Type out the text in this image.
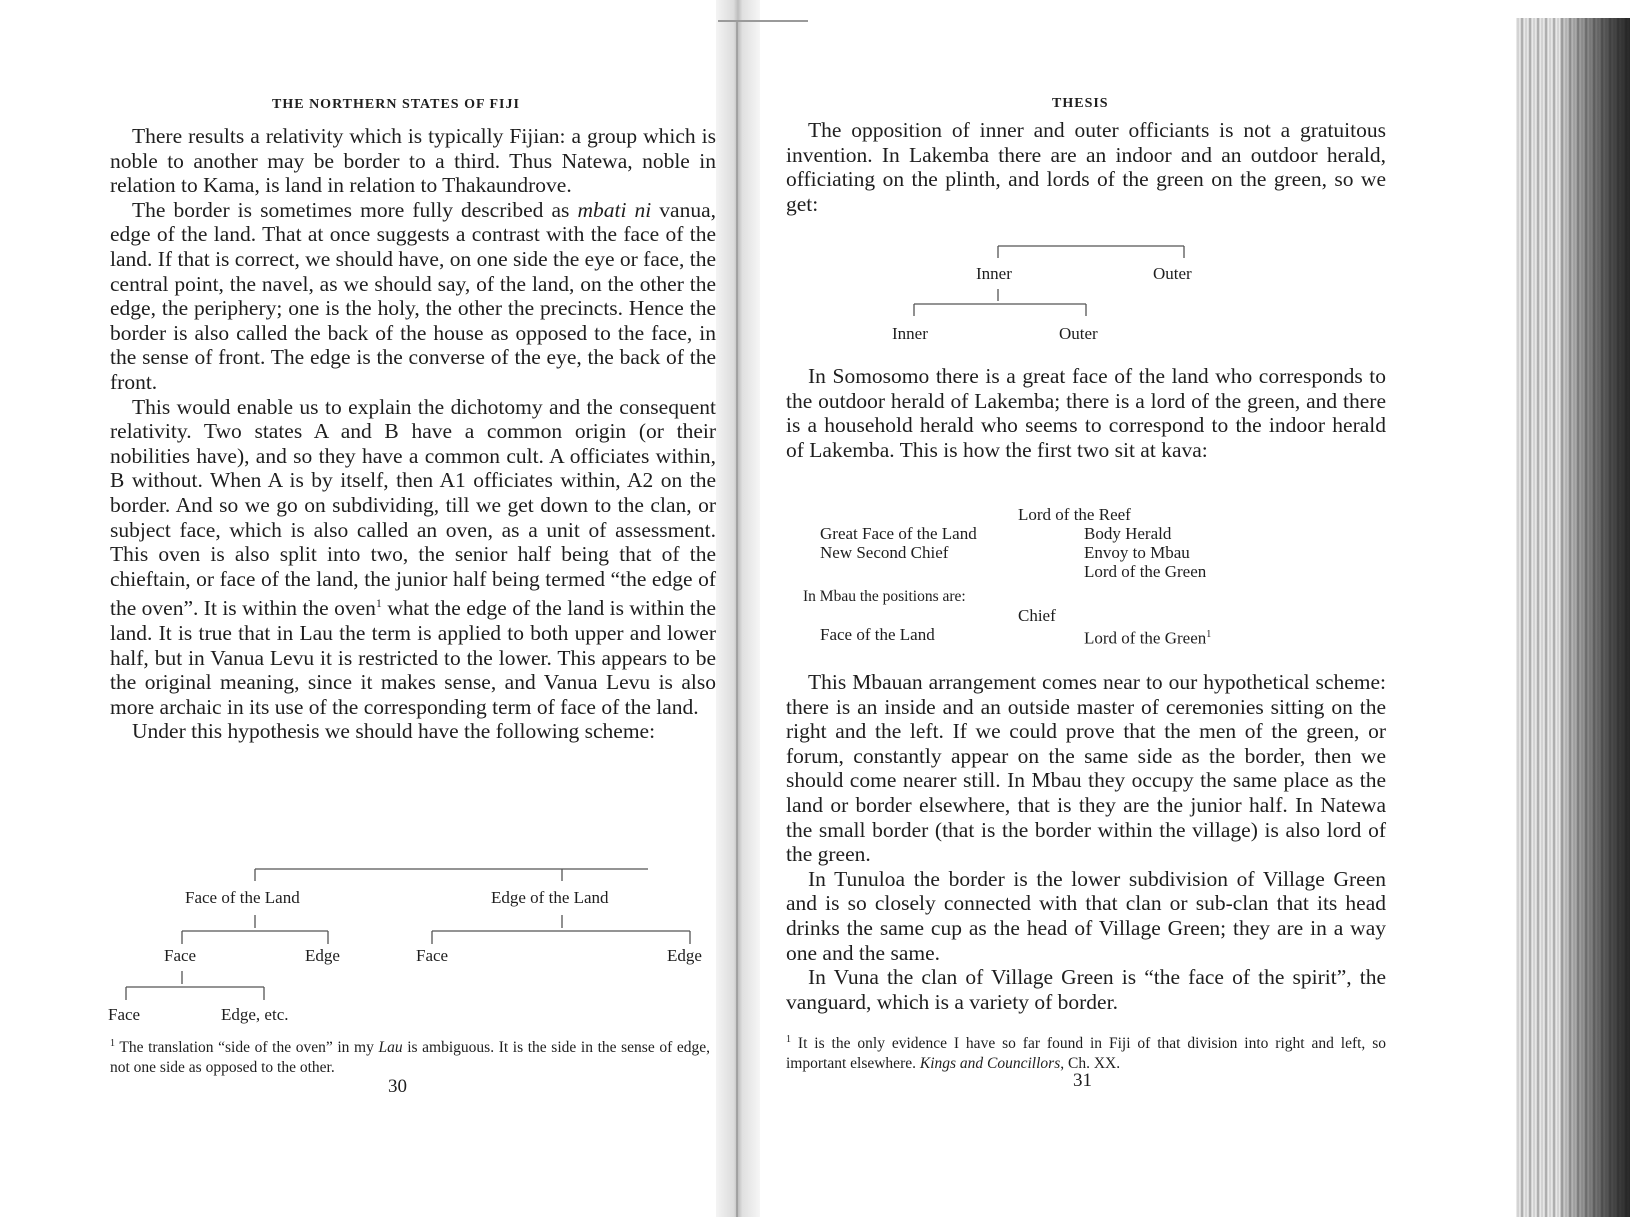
THE NORTHERN STATES OF FIJI

There results a relativity which is typically Fijian: a group which is noble to another may be border to a third. Thus Natewa, noble in relation to Kama, is land in relation to Thakaundrove.

The border is sometimes more fully described as mbati ni vanua, edge of the land. That at once suggests a contrast with the face of the land. If that is correct, we should have, on one side the eye or face, the central point, the navel, as we should say, of the land, on the other the edge, the periphery; one is the holy, the other the precincts. Hence the border is also called the back of the house as opposed to the face, in the sense of front. The edge is the converse of the eye, the back of the front.

This would enable us to explain the dichotomy and the consequent relativity. Two states A and B have a common origin (or their nobilities have), and so they have a common cult. A officiates within, B without. When A is by itself, then A1 officiates within, A2 on the border. And so we go on subdividing, till we get down to the clan, or subject face, which is also called an oven, as a unit of assessment. This oven is also split into two, the senior half being that of the chieftain, or face of the land, the junior half being termed “the edge of the oven”. It is within the oven$^1$ what the edge of the land is within the land. It is true that in Lau the term is applied to both upper and lower half, but in Vanua Levu it is restricted to the lower. This appears to be the original meaning, since it makes sense, and Vanua Levu is also more archaic in its use of the corresponding term of face of the land.

Under this hypothesis we should have the following scheme:

Face of the Land	Edge of the Land
Face	Edge	Face	Edge
Face	Edge, etc.

$^1$ The translation “side of the oven” in my Lau is ambiguous. It is the side in the sense of edge, not one side as opposed to the other.

30
THESIS

The opposition of inner and outer officiants is not a gratuitous invention. In Lakemba there are an indoor and an outdoor herald, officiating on the plinth, and lords of the green on the green, so we get:

Inner	Outer
Inner	Outer

In Somosomo there is a great face of the land who corresponds to the outdoor herald of Lakemba; there is a lord of the green, and there is a household herald who seems to correspond to the indoor herald of Lakemba. This is how the first two sit at kava:

Lord of the Reef
Great Face of the Land	Body Herald
New Second Chief	Envoy to Mbau
Lord of the Green
In Mbau the positions are:
Chief
Face of the Land	Lord of the Green$^1$

This Mbauan arrangement comes near to our hypothetical scheme: there is an inside and an outside master of ceremonies sitting on the right and the left. If we could prove that the men of the green, or forum, constantly appear on the same side as the border, then we should come nearer still. In Mbau they occupy the same place as the land or border elsewhere, that is they are the junior half. In Natewa the small border (that is the border within the village) is also lord of the green.

In Tunuloa the border is the lower subdivision of Village Green and is so closely connected with that clan or sub-clan that its head drinks the same cup as the head of Village Green; they are in a way one and the same.

In Vuna the clan of Village Green is “the face of the spirit”, the vanguard, which is a variety of border.

$^1$ It is the only evidence I have so far found in Fiji of that division into right and left, so important elsewhere. Kings and Councillors, Ch. XX.

31
